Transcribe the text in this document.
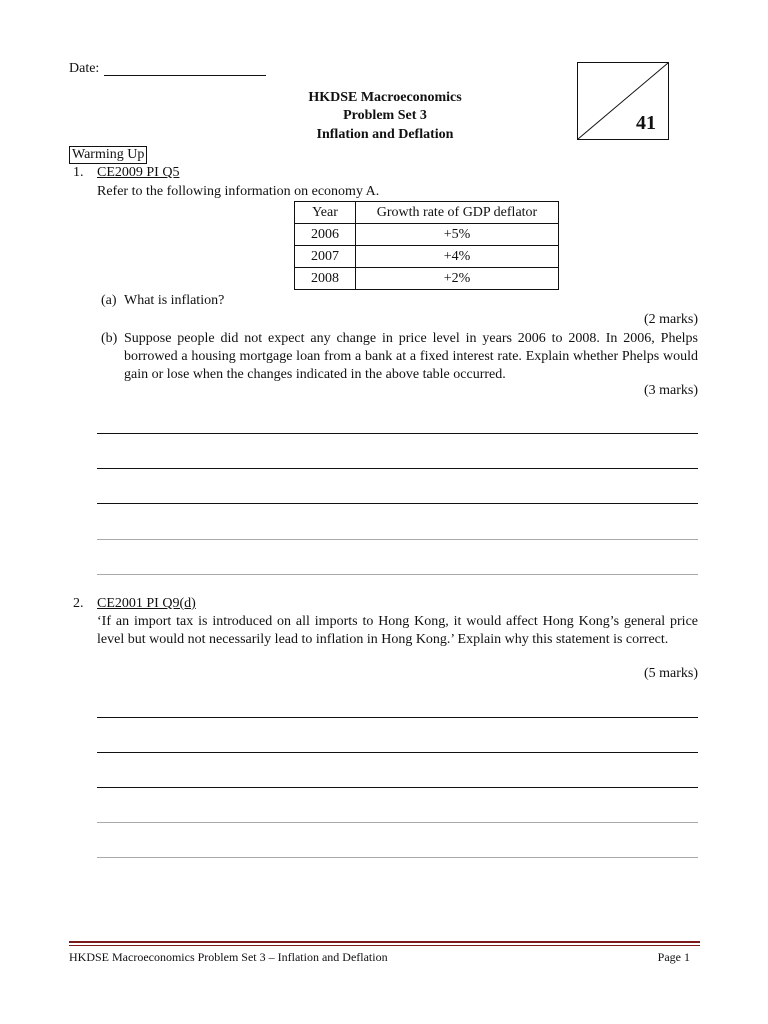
Date:
HKDSE Macroeconomics
Problem Set 3
Inflation and Deflation
41
Warming Up
1. CE2009 PI Q5
Refer to the following information on economy A.
Year	Growth rate of GDP deflator
2006	+5%
2007	+4%
2008	+2%
(a) What is inflation?
(2 marks)
(b) Suppose people did not expect any change in price level in years 2006 to 2008. In 2006, Phelps borrowed a housing mortgage loan from a bank at a fixed interest rate. Explain whether Phelps would gain or lose when the changes indicated in the above table occurred.
(3 marks)
2. CE2001 PI Q9(d)
‘If an import tax is introduced on all imports to Hong Kong, it would affect Hong Kong’s general price level but would not necessarily lead to inflation in Hong Kong.’ Explain why this statement is correct.
(5 marks)
HKDSE Macroeconomics Problem Set 3 – Inflation and Deflation	Page 1
